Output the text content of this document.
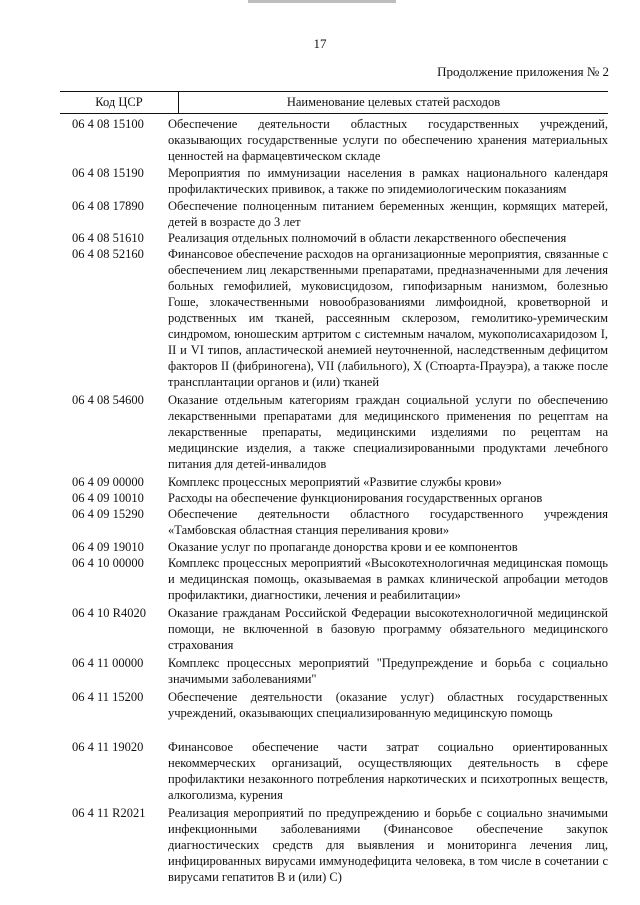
17
Продолжение приложения № 2
Код ЦСР	Наименование целевых статей расходов
06 4 08 15100	Обеспечение деятельности областных государственных учреждений, оказывающих государственные услуги по обеспечению хранения материальных ценностей на фармацевтическом складе
06 4 08 15190	Мероприятия по иммунизации населения в рамках национального календаря профилактических прививок, а также по эпидемиологическим показаниям
06 4 08 17890	Обеспечение полноценным питанием беременных женщин, кормящих матерей, детей в возрасте до 3 лет
06 4 08 51610	Реализация отдельных полномочий в области лекарственного обеспечения
06 4 08 52160	Финансовое обеспечение расходов на организационные мероприятия, связанные с обеспечением лиц лекарственными препаратами, предназначенными для лечения больных гемофилией, муковисцидозом, гипофизарным нанизмом, болезнью Гоше, злокачественными новообразованиями лимфоидной, кроветворной и родственных им тканей, рассеянным склерозом, гемолитико-уремическим синдромом, юношеским артритом с системным началом, мукополисахаридозом I, II и VI типов, апластической анемией неуточненной, наследственным дефицитом факторов II (фибриногена), VII (лабильного), X (Стюарта-Прауэра), а также после трансплантации органов и (или) тканей
06 4 08 54600	Оказание отдельным категориям граждан социальной услуги по обеспечению лекарственными препаратами для медицинского применения по рецептам на лекарственные препараты, медицинскими изделиями по рецептам на медицинские изделия, а также специализированными продуктами лечебного питания для детей-инвалидов
06 4 09 00000	Комплекс процессных мероприятий «Развитие службы крови»
06 4 09 10010	Расходы на обеспечение функционирования государственных органов
06 4 09 15290	Обеспечение деятельности областного государственного учреждения «Тамбовская областная станция переливания крови»
06 4 09 19010	Оказание услуг по пропаганде донорства крови и ее компонентов
06 4 10 00000	Комплекс процессных мероприятий «Высокотехнологичная медицинская помощь и медицинская помощь, оказываемая в рамках клинической апробации методов профилактики, диагностики, лечения и реабилитации»
06 4 10 R4020	Оказание гражданам Российской Федерации высокотехнологичной медицинской помощи, не включенной в базовую программу обязательного медицинского страхования
06 4 11 00000	Комплекс процессных мероприятий "Предупреждение и борьба с социально значимыми заболеваниями"
06 4 11 15200	Обеспечение деятельности (оказание услуг) областных государственных учреждений, оказывающих специализированную медицинскую помощь
06 4 11 19020	Финансовое обеспечение части затрат социально ориентированных некоммерческих организаций, осуществляющих деятельность в сфере профилактики незаконного потребления наркотических и психотропных веществ, алкоголизма, курения
06 4 11 R2021	Реализация мероприятий по предупреждению и борьбе с социально значимыми инфекционными заболеваниями (Финансовое обеспечение закупок диагностических средств для выявления и мониторинга лечения лиц, инфицированных вирусами иммунодефицита человека, в том числе в сочетании с вирусами гепатитов B и (или) C)
